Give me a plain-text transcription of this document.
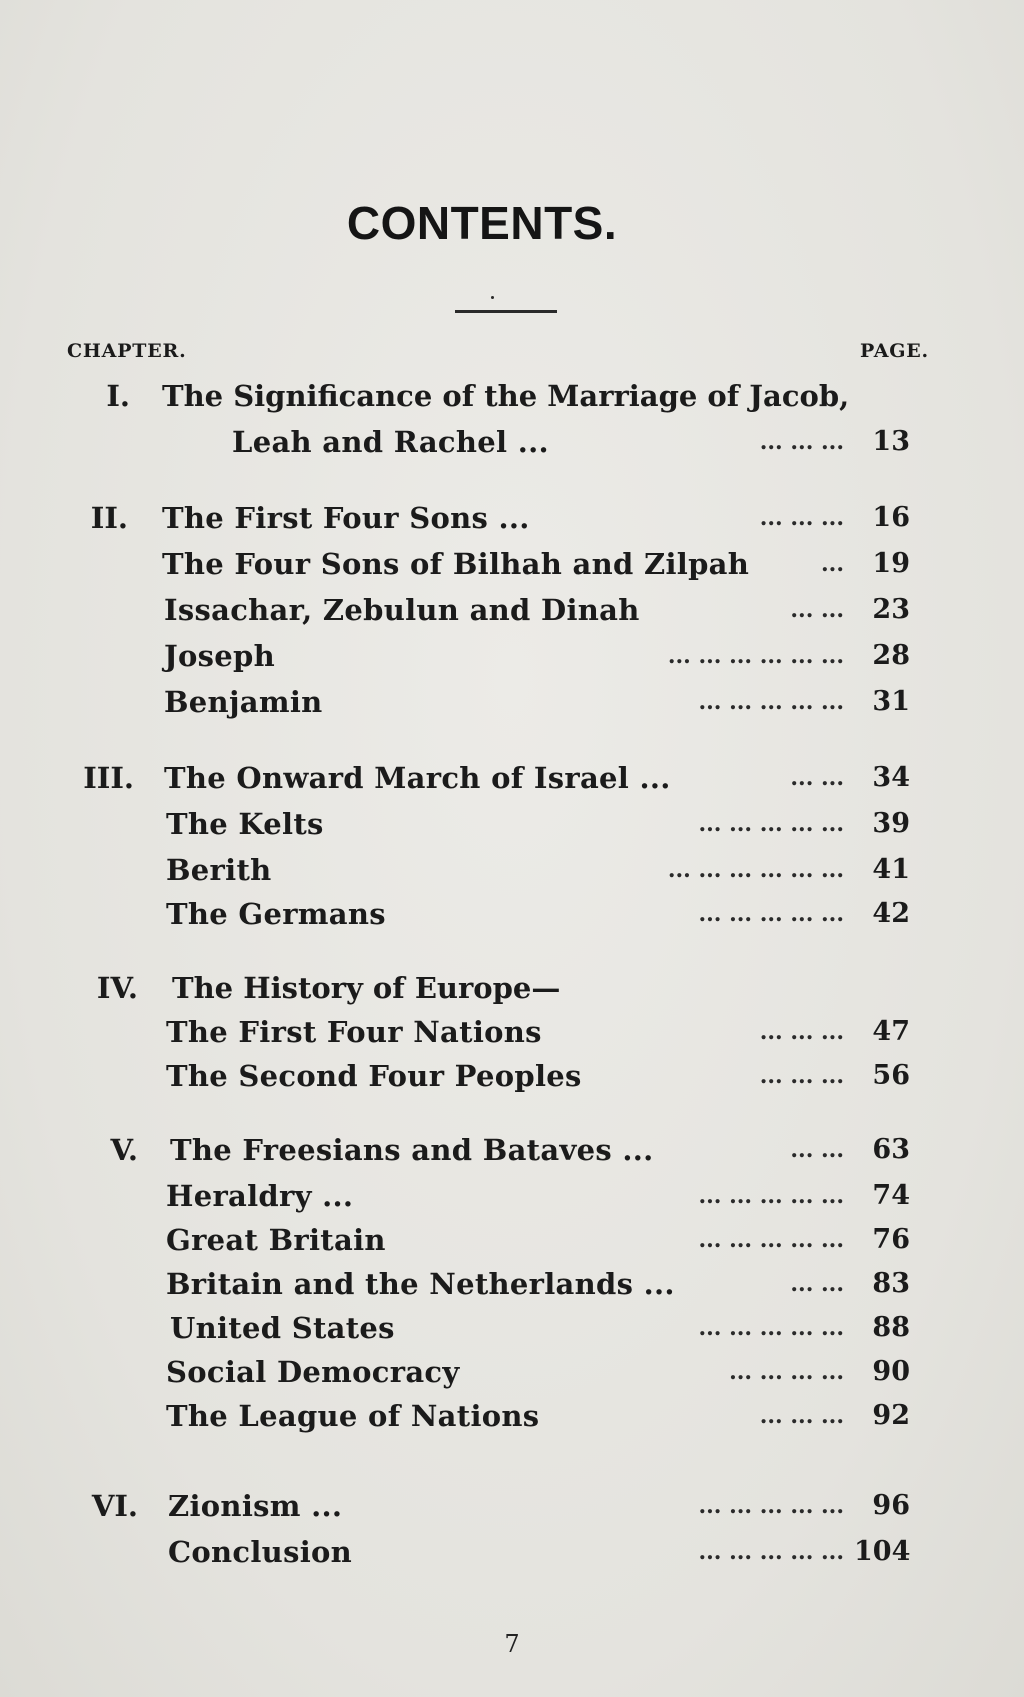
CONTENTS.
CHAPTER.	PAGE.
I. The Significance of the Marriage of Jacob,
Leah and Rachel ...	... ... ...	13
II. The First Four Sons ...	... ... ...	16
The Four Sons of Bilhah and Zilpah	...	19
Issachar, Zebulun and Dinah	... ...	23
Joseph	... ... ... ... ... ...	28
Benjamin	... ... ... ... ...	31
III. The Onward March of Israel ...	... ...	34
The Kelts	... ... ... ... ...	39
Berith	... ... ... ... ... ...	41
The Germans	... ... ... ... ...	42
IV. The History of Europe—
The First Four Nations	... ... ...	47
The Second Four Peoples	... ... ...	56
V. The Freesians and Bataves ...	... ...	63
Heraldry ...	... ... ... ... ...	74
Great Britain	... ... ... ... ...	76
Britain and the Netherlands ...	... ...	83
United States	... ... ... ... ...	88
Social Democracy	... ... ... ...	90
The League of Nations	... ... ...	92
VI. Zionism ...	... ... ... ... ...	96
Conclusion	... ... ... ... ... 104
7
